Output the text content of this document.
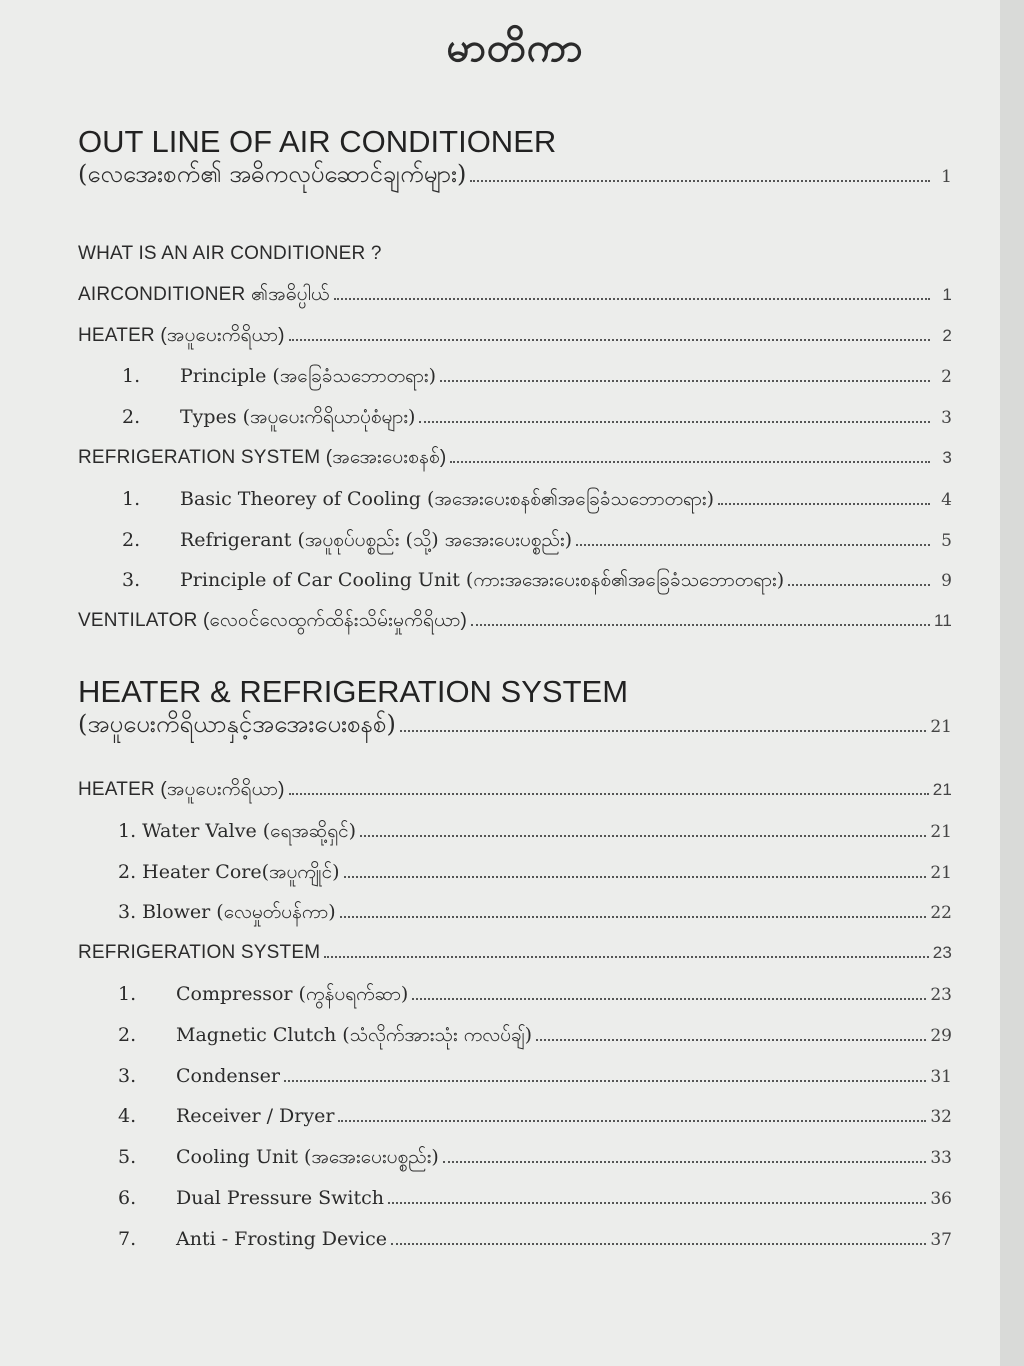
မာတိကာ
OUT LINE OF AIR CONDITIONER
(လေအေးစက်၏ အဓိကလုပ်ဆောင်ချက်များ)	1
WHAT IS AN AIR CONDITIONER ?
AIRCONDITIONER ၏အဓိပ္ပါယ်	1
HEATER (အပူပေးကိရိယာ)	2
1.	Principle (အခြေခံသဘောတရား)	2
2.	Types (အပူပေးကိရိယာပုံစံများ)	3
REFRIGERATION SYSTEM (အအေးပေးစနစ်)	3
1.	Basic Theorey of Cooling (အအေးပေးစနစ်၏အခြေခံသဘောတရား)	4
2.	Refrigerant (အပူစုပ်ပစ္စည်း (သို့) အအေးပေးပစ္စည်း)	5
3.	Principle of Car Cooling Unit (ကားအအေးပေးစနစ်၏အခြေခံသဘောတရား)	9
VENTILATOR (လေဝင်လေထွက်ထိန်းသိမ်းမှုကိရိယာ)	11
HEATER & REFRIGERATION SYSTEM
(အပူပေးကိရိယာနှင့်အအေးပေးစနစ်)	21
HEATER (အပူပေးကိရိယာ)	21
1. Water Valve (ရေအဆို့ရှင်)	21
2. Heater Core(အပူကျိုင်)	21
3. Blower (လေမှုတ်ပန်ကာ)	22
REFRIGERATION SYSTEM	23
1.	Compressor (ကွန်ပရက်ဆာ)	23
2.	Magnetic Clutch (သံလိုက်အားသုံး ကလပ်ချ်)	29
3.	Condenser	31
4.	Receiver / Dryer	32
5.	Cooling Unit (အအေးပေးပစ္စည်း)	33
6.	Dual Pressure Switch	36
7.	Anti - Frosting Device	37
